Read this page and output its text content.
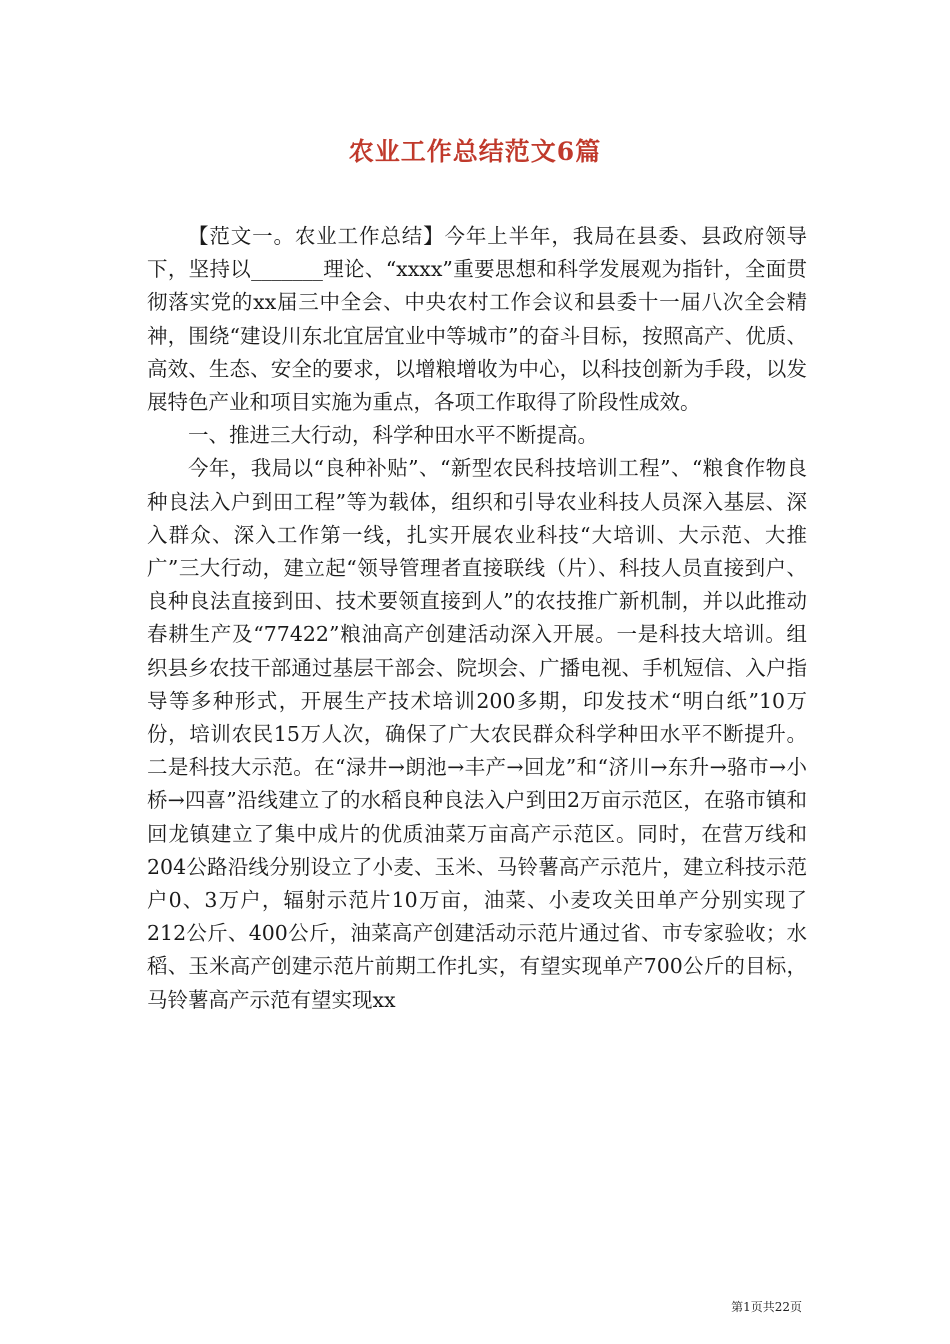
农业工作总结范文6篇

【范文一。农业工作总结】今年上半年，我局在县委、县政府领导下，坚持以_______理论、“xxxx”重要思想和科学发展观为指针，全面贯彻落实党的xx届三中全会、中央农村工作会议和县委十一届八次全会精神，围绕“建设川东北宜居宜业中等城市”的奋斗目标，按照高产、优质、高效、生态、安全的要求，以增粮增收为中心，以科技创新为手段，以发展特色产业和项目实施为重点，各项工作取得了阶段性成效。

一、推进三大行动，科学种田水平不断提高。

今年，我局以“良种补贴”、“新型农民科技培训工程”、“粮食作物良种良法入户到田工程”等为载体，组织和引导农业科技人员深入基层、深入群众、深入工作第一线，扎实开展农业科技“大培训、大示范、大推广”三大行动，建立起“领导管理者直接联线（片）、科技人员直接到户、良种良法直接到田、技术要领直接到人”的农技推广新机制，并以此推动春耕生产及“77422”粮油高产创建活动深入开展。一是科技大培训。组织县乡农技干部通过基层干部会、院坝会、广播电视、手机短信、入户指导等多种形式，开展生产技术培训200多期，印发技术“明白纸”10万份，培训农民15万人次，确保了广大农民群众科学种田水平不断提升。二是科技大示范。在“渌井→朗池→丰产→回龙”和“济川→东升→骆市→小桥→四喜”沿线建立了的水稻良种良法入户到田2万亩示范区，在骆市镇和回龙镇建立了集中成片的优质油菜万亩高产示范区。同时，在营万线和204公路沿线分别设立了小麦、玉米、马铃薯高产示范片，建立科技示范户0、3万户，辐射示范片10万亩，油菜、小麦攻关田单产分别实现了212公斤、400公斤，油菜高产创建活动示范片通过省、市专家验收；水稻、玉米高产创建示范片前期工作扎实，有望实现单产700公斤的目标，马铃薯高产示范有望实现xx

第1页共22页
